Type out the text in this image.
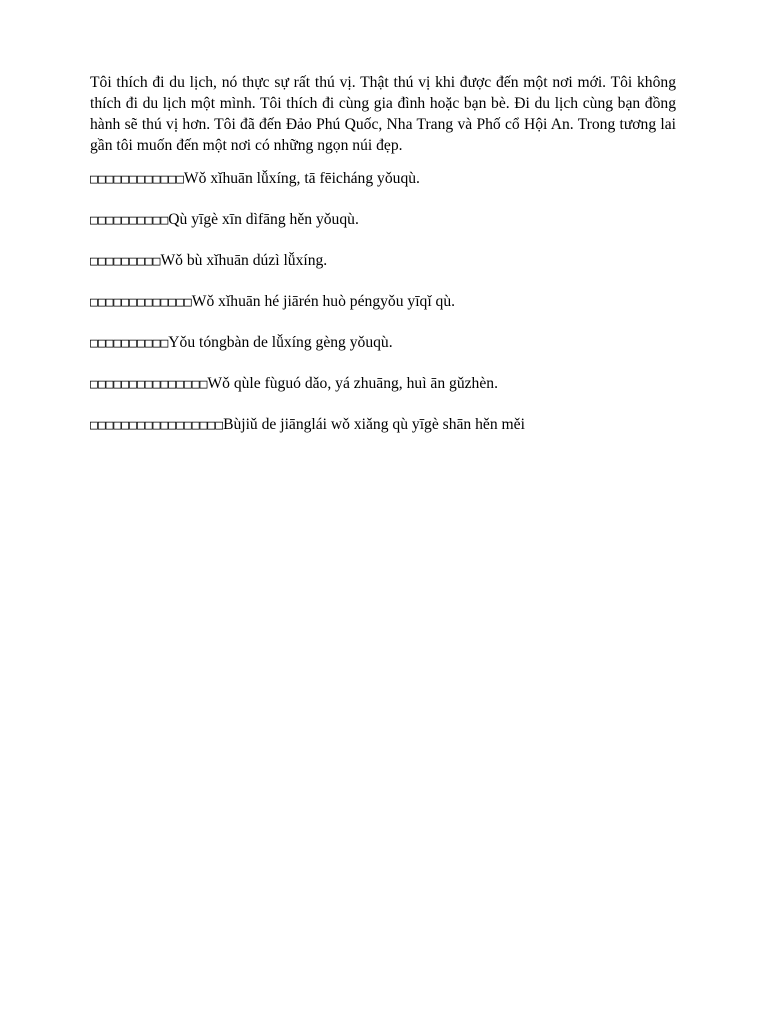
Tôi thích đi du lịch, nó thực sự rất thú vị. Thật thú vị khi được đến một nơi mới. Tôi không thích đi du lịch một mình. Tôi thích đi cùng gia đình hoặc bạn bè. Đi du lịch cùng bạn đồng hành sẽ thú vị hơn. Tôi đã đến Đảo Phú Quốc, Nha Trang và Phố cổ Hội An. Trong tương lai gần tôi muốn đến một nơi có những ngọn núi đẹp.

□□□□□□□□□□□□Wǒ xǐhuān lǚxíng, tā fēicháng yǒuqù.
□□□□□□□□□□Qù yīgè xīn dìfāng hěn yǒuqù.
□□□□□□□□□Wǒ bù xǐhuān dúzì lǚxíng.
□□□□□□□□□□□□□Wǒ xǐhuān hé jiārén huò péngyǒu yīqǐ qù.
□□□□□□□□□□Yǒu tóngbàn de lǚxíng gèng yǒuqù.
□□□□□□□□□□□□□□□Wǒ qùle fùguó dǎo, yá zhuāng, huì ān gǔzhèn.
□□□□□□□□□□□□□□□□□Bùjiǔ de jiānglái wǒ xiǎng qù yīgè shān hěn měi
